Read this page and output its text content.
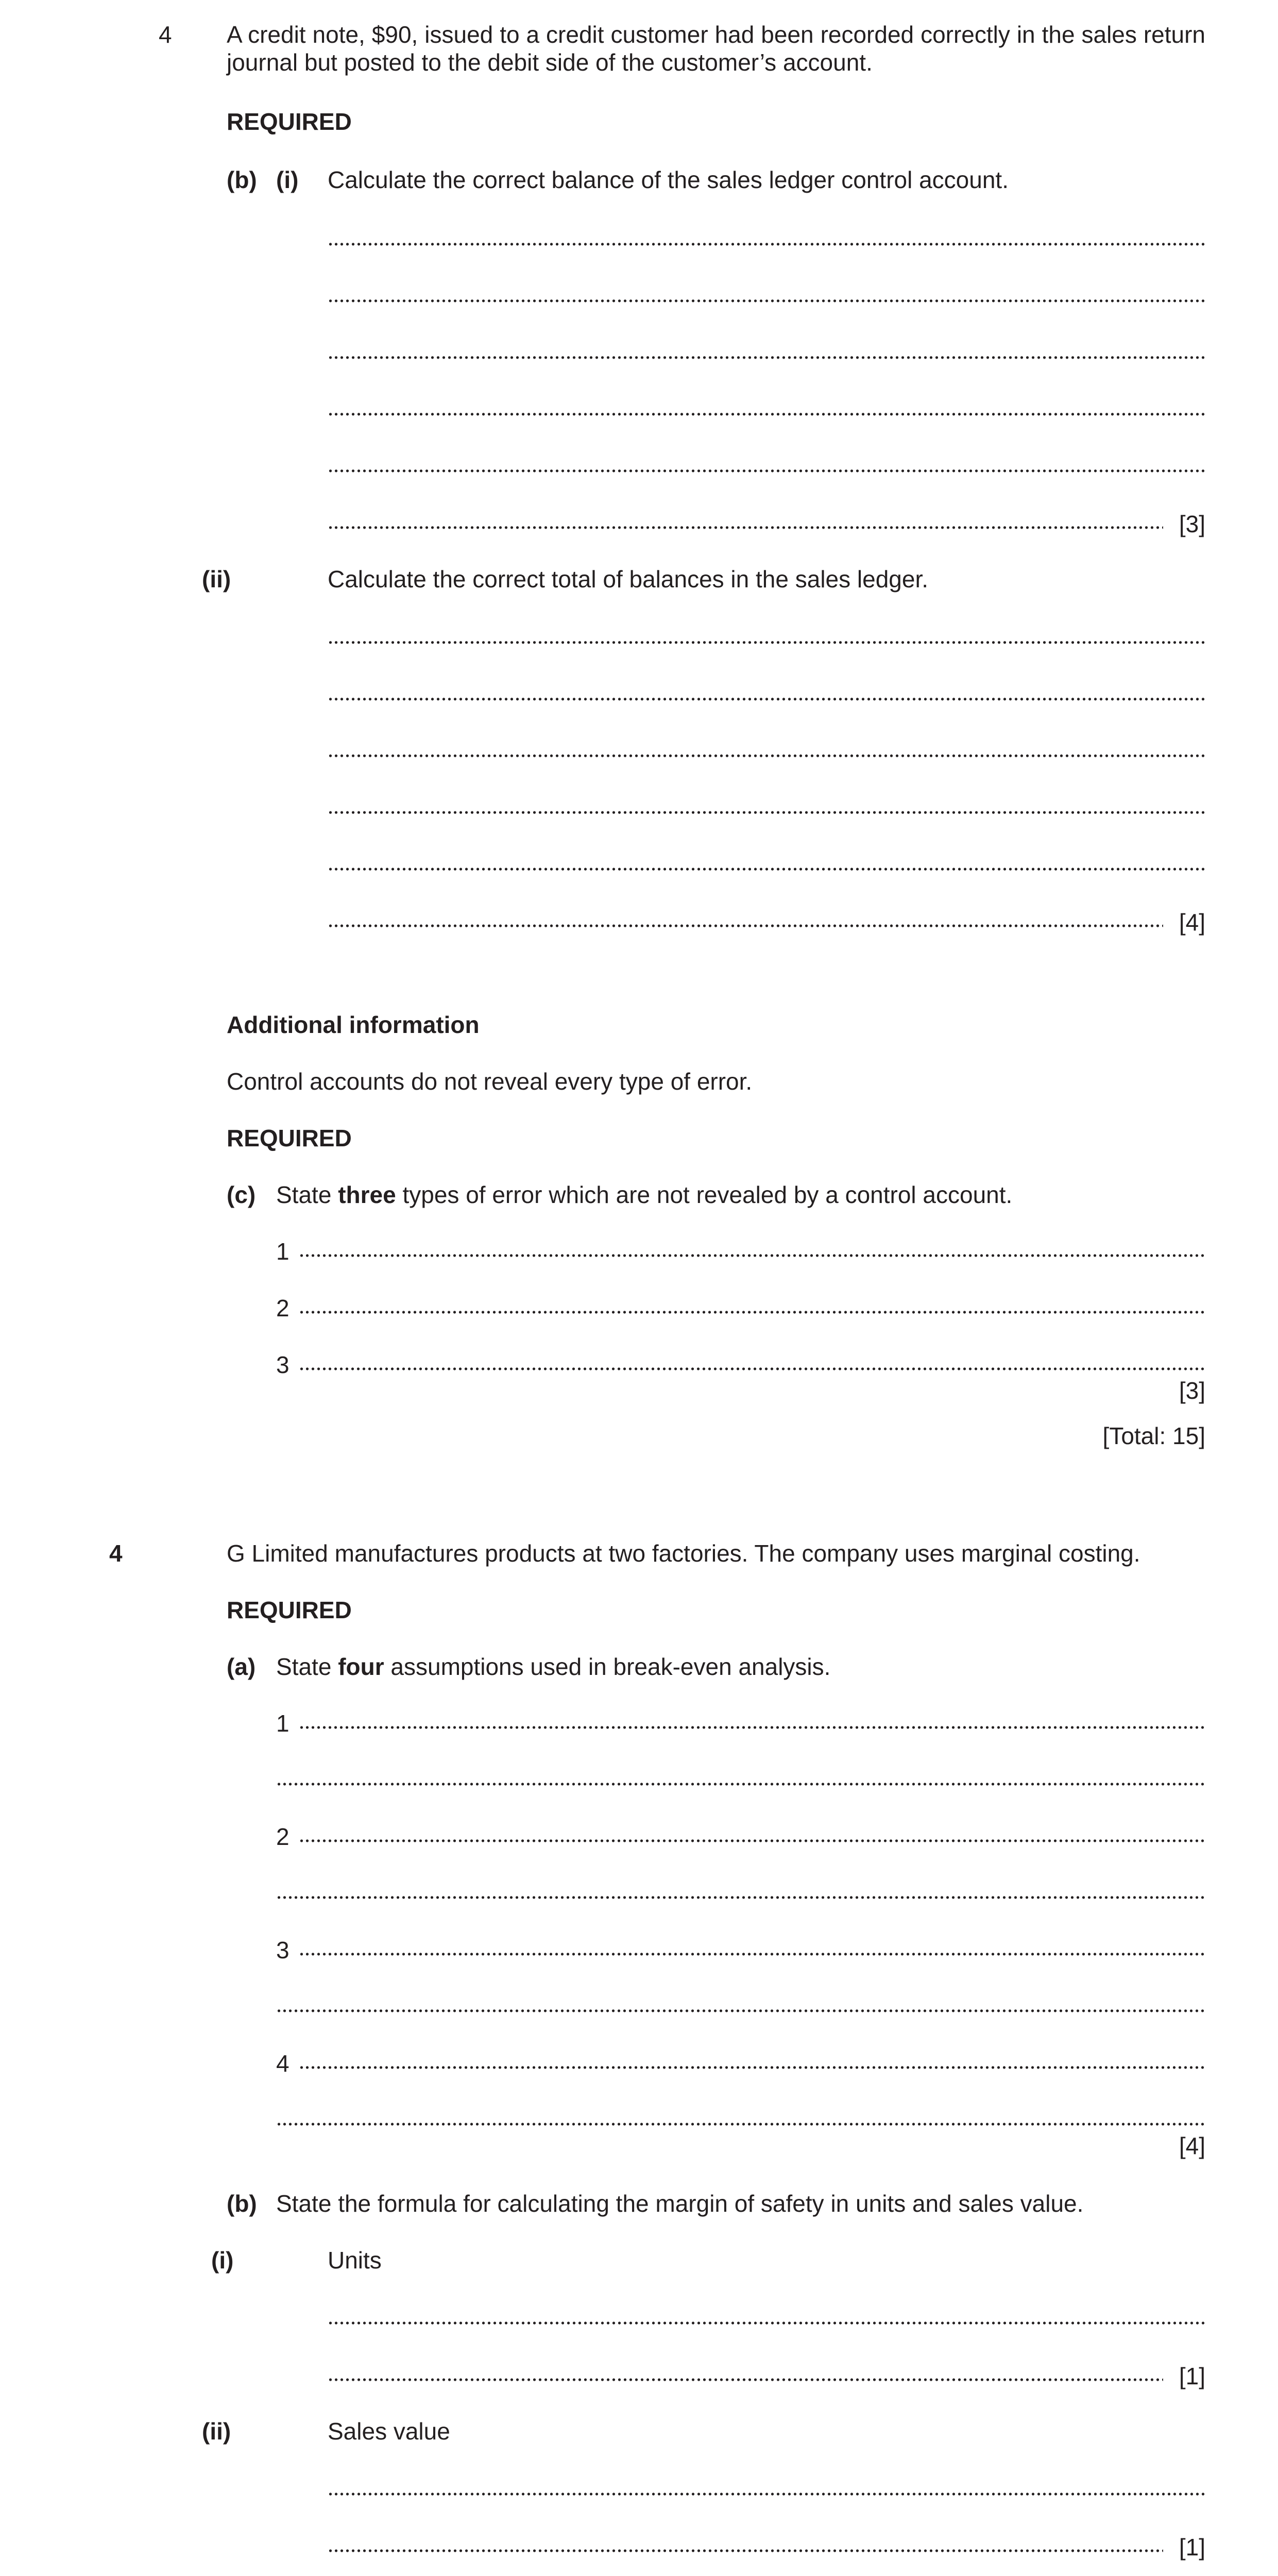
4 A credit note, $90, issued to a credit customer had been recorded correctly in the sales return journal but posted to the debit side of the customer’s account.
REQUIRED
(b) (i) Calculate the correct balance of the sales ledger control account.
[3]
(ii)	Calculate the correct total of balances in the sales ledger.
[4]
Additional information
Control accounts do not reveal every type of error.
REQUIRED
(c) State three types of error which are not revealed by a control account.
1
2
3
[3]
[Total: 15]
4	G Limited manufactures products at two factories. The company uses marginal costing.
REQUIRED
(a) State four assumptions used in break-even analysis.
1
2
3
4
[4]
(b) State the formula for calculating the margin of safety in units and sales value.
(i)	Units
[1]
(ii)	Sales value
[1]
